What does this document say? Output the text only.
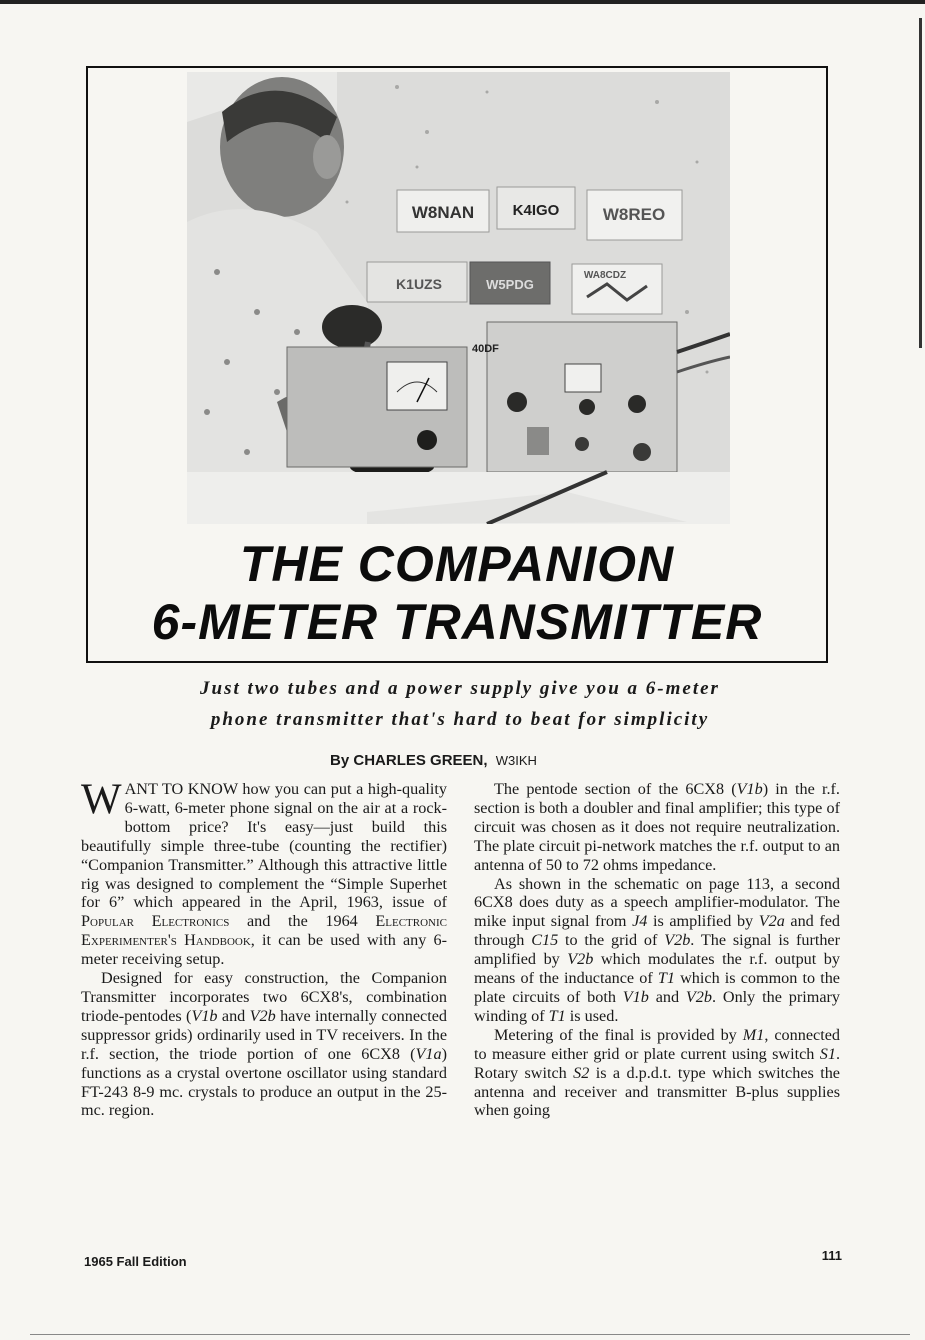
W8NAN	K4IGO	W8REO
K1UZS	W5PDG
WA8CDZ
40DF
THE COMPANION
6-METER TRANSMITTER
Just two tubes and a power supply give you a 6-meter
phone transmitter that's hard to beat for simplicity
By CHARLES GREEN, W3IKH

WANT TO KNOW how you can put a high-quality 6-watt, 6-meter phone signal on the air at a rock-bottom price? It's easy—just build this beautifully simple three-tube (counting the rectifier) “Companion Transmitter.” Although this attractive little rig was designed to complement the “Simple Superhet for 6” which appeared in the April, 1963, issue of Popular Electronics and the 1964 Electronic Experimenter's Handbook, it can be used with any 6-meter receiving setup.

Designed for easy construction, the Companion Transmitter incorporates two 6CX8's, combination triode-pentodes (V1b and V2b have internally connected suppressor grids) ordinarily used in TV receivers. In the r.f. section, the triode portion of one 6CX8 (V1a) functions as a crystal overtone oscillator using standard FT-243 8-9 mc. crystals to produce an output in the 25-mc. region.

The pentode section of the 6CX8 (V1b) in the r.f. section is both a doubler and final amplifier; this type of circuit was chosen as it does not require neutralization. The plate circuit pi-network matches the r.f. output to an antenna of 50 to 72 ohms impedance.

As shown in the schematic on page 113, a second 6CX8 does duty as a speech amplifier-modulator. The mike input signal from J4 is amplified by V2a and fed through C15 to the grid of V2b. The signal is further amplified by V2b which modulates the r.f. output by means of the inductance of T1 which is common to the plate circuits of both V1b and V2b. Only the primary winding of T1 is used.

Metering of the final is provided by M1, connected to measure either grid or plate current using switch S1. Rotary switch S2 is a d.p.d.t. type which switches the antenna and receiver and transmitter B-plus supplies when going

1965 Fall Edition	111
